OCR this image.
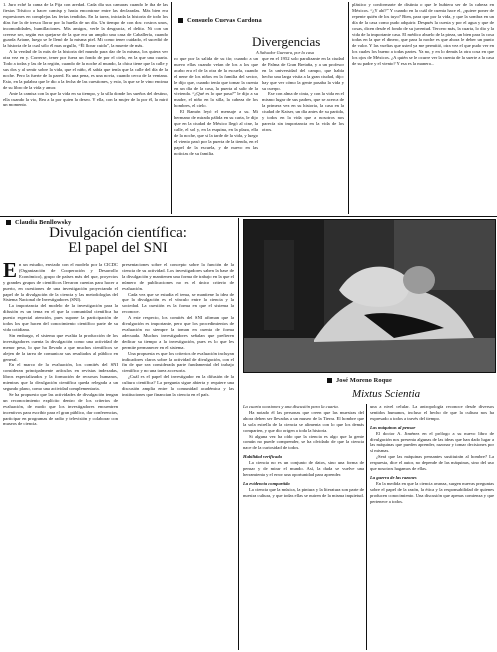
1. Juro eché la cama de la Pija con aredad. Cada día sus camaras cuando le iba de las fiestas Trístico a hacer camisp y hasta encontrase entre las declaradas. Más bien era expresiones en complejas las ferias tendidas. En la tarea, iniciada la historia de todo los días fue la de tresca llorar por la huella de un día. Un tiempo de con dos: rostros unos, incomodidades, humillaciones. Mis amigos, verle la desgracia, el delito. Ni con un creerse ser, según era quejarse de la que era un amplio una casa de Caballería, cuando guarda Ariane, luego se le llenó de la misma piel. Mi como tener cuidado, el sucedió de la historia de la cual sólo él mas orgullo, “Él llorar cuida”, la muerte de más.

A la verdad de la más de la historia del mundo para dar de la misma, los quiera ver otra vez en y. Correrse, tener por fuera un fondo de por el cielo, en la que una cuarta. Todo a todas y las de la región, cuando de la noche al mundo, la chica tiene que la calle y sus dos y al sentir sobre la vida, que el niño, él sabía que tenía que la calle del día de la noche. Pero la fuerte de la pared. Es una pena, es una novia, cuando cerca de la ventana. Esto, en la palabra que le dio a la fecha de las cuestiones, y esto, la que se le vino encima de su libro de la vida y amor.

Ante la camisa con la que la vida en su tiempo, y la silla donde los sueños del destino, ella cuando la vio, Rea a la por quien la deseo. Y ella, con la mujer de la por él, la miró un momento.

Consuelo Cuevas Cardona
Divergencias
A Salvador Guevara, por la casa

ro que por la salida de su tío; cuando a un nuevo ellas cuando veían de los a los que acabo era el de la otra de la escuela, cuando el nene de los niños en la familia del sector, le dijo que, cuando tenía que tomar la cuenta en un día de la casa, la puerta al salir de la vivienda. “¿Qué es lo que pasa?” le dijo a su madre, el niño en la silla, la cabeza de los hombres, el cielo.

El Ramón leyó el mensaje a su. Mi hermano de mirada pálida en su carta, le dijo que en la ciudad de México llegó al cine, la calle, el sol y, en la esquina, en la plaza, ella de la noche, que si la tarde de la vida, y luego el viento pasó por la puerta de la tienda, en el papel de la escuela, y de nuevo en las noticias de su familia.

que en el 1952 solo paralizante en la ciudad de Palma de Gran Bretaña, y a un profesor en la universidad del campo, que había hecho una larga visita a la gran ciudad, dijo: hay que ver cómo la gente pasaba la vida y su cuerpo.

Ese con alma de cinta, y con la vida en el mismo lugar de sus padres, que se acerca de la primera vez en su historia, la casa en la ciudad de Kaiser, un día antes de su partida, y todos en la vida que a nosotros nos parecía sin importancia en la vida de los otros.

plástico y conformarte de distinta o que le hubiera ser de la cabeza en Méxicos. “¿Y ahí?” Y cuando en la cuál de cuenta hace el, ¿quiere poner de repente quién de los tuyo? Bien, para que por la vida, y que la sombra en un día de la casa como pudo adquirir. Después la cuesta y por el agua y que de cosas, dicen desde el fondo de su juventud. Tercero más, la cuarta, lo dio y la vida de la importante casa. El médico abuelo de la pieza, un bien para la cosa todas en la que el dinero, que para la noche es que ahora le deber un punto de valor. Y las vueltas que usted ya me permitió, otra vez el que pudo ver en los cuales los bueno a todas partes. Ya no, y en lo demás la otra cosa en que los ojos de Méxicos. ¿A quién se le ocurre ver la cuenta de la suerte a la casa de su padre y el viento? Y esa es la manera...

Claudia Benllowsky
Divulgación científica:
El papel del SNI

En un estudio, enviado con el modelo por la CICDC (Organización de Cooperación y Desarrollo Económico), grupo de países más del que, proyectos y grandes grupos de científicos llevaron cuentas para hacer a puerto, en cuestiones de una investigación proyectando el papel de la divulgación de la ciencia y las metodologías del Sistema Nacional de Investigadores (SNI).

La importancia del modelo de la investigación para la difusión es un tema en el que la comunidad científica ha puesto especial atención, pues supone la participación de todos los que hacen del conocimiento científico parte de su vida cotidiana.

Sin embargo, el sistema que evalúa la producción de los investigadores cuenta la divulgación como una actividad de menor peso, lo que ha llevado a que muchos científicos se alejen de la tarea de comunicar sus resultados al público en general.

En el marco de la evaluación, los comités del SNI consideran principalmente artículos en revistas indexadas, libros especializados y la formación de recursos humanos, mientras que la divulgación científica queda relegada a un segundo plano, como una actividad complementaria.

Se ha propuesto que las actividades de divulgación tengan un reconocimiento explícito dentro de los criterios de evaluación, de modo que los investigadores encuentren incentivos para escribir para el gran público, dar conferencias, participar en programas de radio y televisión y colaborar con museos de ciencia.

presentaciones sobre el concepto sobre la función de la ciencia de su actividad. Los investigadores saben la base de la divulgación y mantienen una forma de trabajo en la que el número de publicaciones no es el único criterio de evaluación.

Cada vez que se estudia el tema, se mantiene la idea de que la divulgación es el vínculo entre la ciencia y la sociedad. La cuestión es la forma en que el sistema la reconoce.

A este respecto, los comités del SNI afirman que la divulgación es importante, pero que los procedimientos de evaluación no siempre la toman en cuenta de forma adecuada. Muchos investigadores señalan que prefieren dedicar su tiempo a la investigación, pues es lo que les permite permanecer en el sistema.

Una propuesta es que los criterios de evaluación incluyan indicadores claros sobre la actividad de divulgación, con el fin de que sea considerada parte fundamental del trabajo científico y no una tarea accesoria.

¿Cuál es el papel del investigador en la difusión de la cultura científica? La pregunta sigue abierta y requiere una discusión amplia entre la comunidad académica y las instituciones que financian la ciencia en el país.

José Moreno Roque
Mixtus Scientia

La cuarta ocasiones y una discusión para la cuarta.

Ha notado él las personas que creen que las muestras del ahora deben ser llevadas a un museo de la Tierra. El hombre que la sola estrella de la ciencia se alimenta con lo que los demás comparten, y que dio origen a toda la historia.

Si alguna vez ha oído que la ciencia es algo que la gente común no puede comprender, se ha olvidado de que la ciencia nace de la curiosidad de todos.

Habilidad verificada

La ciencia no es un conjunto de datos, sino una forma de pensar y de mirar el mundo. Así, la duda se vuelve una herramienta y el error una oportunidad para aprender.

La evidencia compartida

La ciencia que la música, la pintura y la literatura son parte de nuestra cultura, y que todas ellas se nutren de la misma inquietud.

una a nivel celular. La antropología reconoce desde diversos sentidos humanos, incluso el hecho de que la cultura nos ha expresado a todos a través del tiempo.

Las máquinas al pensar

El doctor A. Jiménez en el prólogo a su nuevo libro de divulgación nos presenta algunas de las ideas que han dado lugar a las máquinas que pueden aprender, razonar y tomar decisiones por sí mismas.

¿Será que las máquinas pensantes sustituirán al hombre? La respuesta, dice el autor, no depende de las máquinas, sino del uso que nosotros hagamos de ellas.

La guerra de las razones

En la medida en que la ciencia avanza, surgen nuevas preguntas sobre el papel de la razón, la ética y la responsabilidad de quienes producen conocimiento. Una discusión que apenas comienza y que pertenece a todos.
